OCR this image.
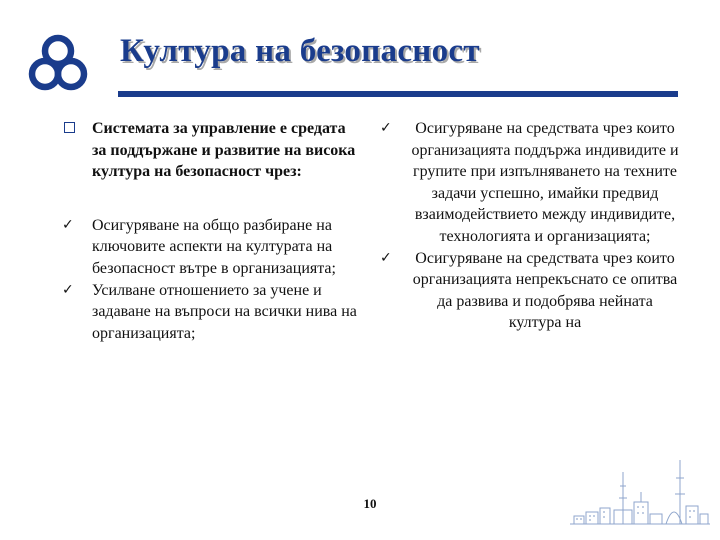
Култура на безопасност
Системата за управление е средата за поддържане и развитие на висока култура на безопасност чрез:
✓ Осигуряване на общо разбиране на ключовите аспекти на културата на безопасност вътре в организацията;
✓ Усилване отношението за учене и задаване на въпроси на всички нива на организацията;
✓ Осигуряване на средствата чрез които организацията поддържа индивидите и групите при изпълняването на техните задачи успешно, имайки предвид взаимодействието между индивидите, технологията и организацията;
✓ Осигуряване на средствата чрез които организацията непрекъснато се опитва да развива и подобрява нейната култура на
10
